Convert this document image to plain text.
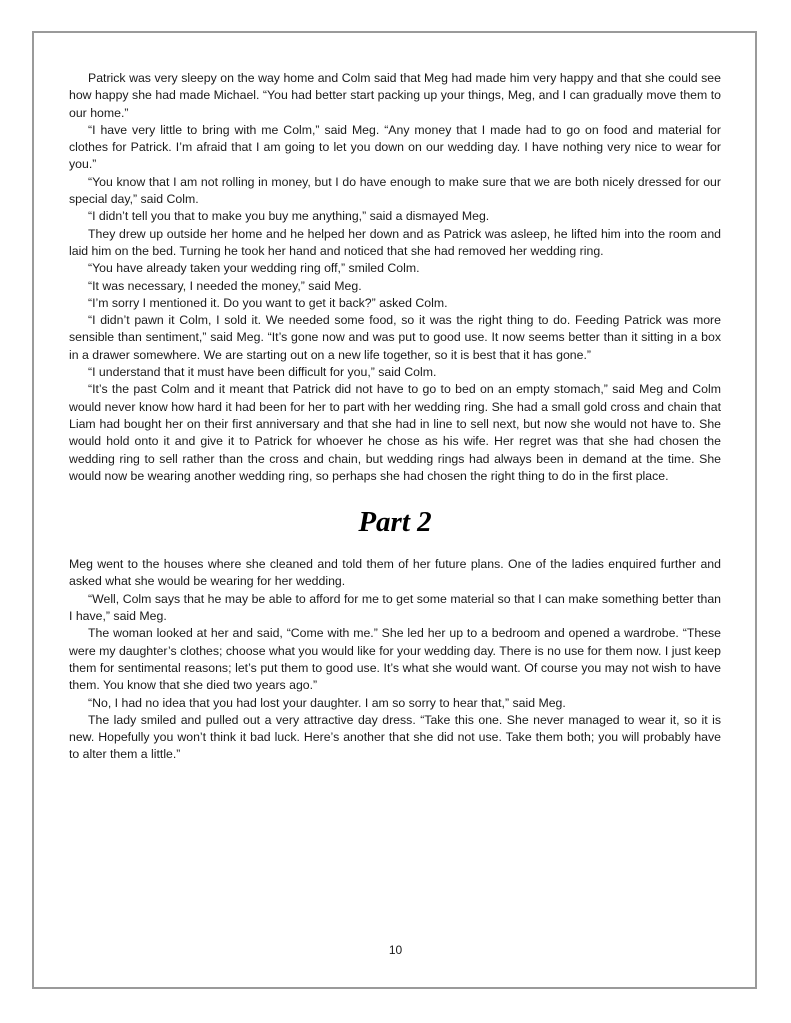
Patrick was very sleepy on the way home and Colm said that Meg had made him very happy and that she could see how happy she had made Michael. “You had better start packing up your things, Meg, and I can gradually move them to our home.”

“I have very little to bring with me Colm,” said Meg. “Any money that I made had to go on food and material for clothes for Patrick. I’m afraid that I am going to let you down on our wedding day. I have nothing very nice to wear for you.”

“You know that I am not rolling in money, but I do have enough to make sure that we are both nicely dressed for our special day,” said Colm.

“I didn’t tell you that to make you buy me anything,” said a dismayed Meg.

They drew up outside her home and he helped her down and as Patrick was asleep, he lifted him into the room and laid him on the bed. Turning he took her hand and noticed that she had removed her wedding ring.

“You have already taken your wedding ring off,” smiled Colm.

“It was necessary, I needed the money,” said Meg.

“I’m sorry I mentioned it. Do you want to get it back?” asked Colm.

“I didn’t pawn it Colm, I sold it. We needed some food, so it was the right thing to do. Feeding Patrick was more sensible than sentiment,” said Meg. “It’s gone now and was put to good use. It now seems better than it sitting in a box in a drawer somewhere. We are starting out on a new life together, so it is best that it has gone.”

“I understand that it must have been difficult for you,” said Colm.

“It’s the past Colm and it meant that Patrick did not have to go to bed on an empty stomach,” said Meg and Colm would never know how hard it had been for her to part with her wedding ring. She had a small gold cross and chain that Liam had bought her on their first anniversary and that she had in line to sell next, but now she would not have to. She would hold onto it and give it to Patrick for whoever he chose as his wife. Her regret was that she had chosen the wedding ring to sell rather than the cross and chain, but wedding rings had always been in demand at the time. She would now be wearing another wedding ring, so perhaps she had chosen the right thing to do in the first place.

Part 2

Meg went to the houses where she cleaned and told them of her future plans. One of the ladies enquired further and asked what she would be wearing for her wedding.

“Well, Colm says that he may be able to afford for me to get some material so that I can make something better than I have,” said Meg.

The woman looked at her and said, “Come with me.” She led her up to a bedroom and opened a wardrobe. “These were my daughter’s clothes; choose what you would like for your wedding day. There is no use for them now. I just keep them for sentimental reasons; let’s put them to good use. It’s what she would want. Of course you may not wish to have them. You know that she died two years ago.”

“No, I had no idea that you had lost your daughter. I am so sorry to hear that,” said Meg.

The lady smiled and pulled out a very attractive day dress. “Take this one. She never managed to wear it, so it is new. Hopefully you won’t think it bad luck. Here’s another that she did not use. Take them both; you will probably have to alter them a little.”

10
